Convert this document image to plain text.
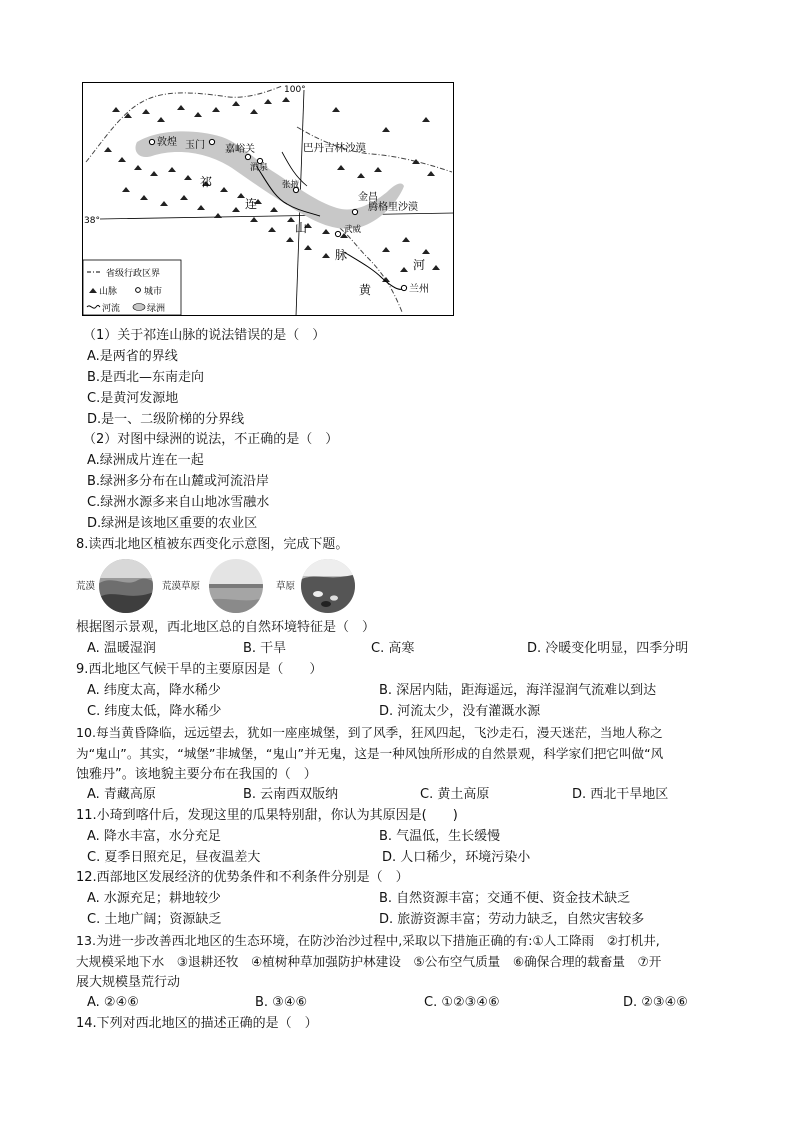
100°
38°
敦煌 玉门 嘉峪关
酒泉
巴丹吉林沙漠
张掖
金昌
腾格里沙漠
武威
兰州
祁
连
山
脉
黄
河
省级行政区界
山脉	城市
河流	绿洲
（1）关于祁连山脉的说法错误的是（　）
A.是两省的界线
B.是西北—东南走向
C.是黄河发源地
D.是一、二级阶梯的分界线
（2）对图中绿洲的说法，不正确的是（　）
A.绿洲成片连在一起
B.绿洲多分布在山麓或河流沿岸
C.绿洲水源多来自山地冰雪融水
D.绿洲是该地区重要的农业区
8.读西北地区植被东西变化示意图，完成下题。
荒漠	荒漠草原	草原
根据图示景观，西北地区总的自然环境特征是（　）
A. 温暖湿润	B. 干旱	C. 高寒	D. 冷暖变化明显，四季分明
9.西北地区气候干旱的主要原因是（　　）
A. 纬度太高，降水稀少	B. 深居内陆，距海遥远，海洋湿润气流难以到达
C. 纬度太低，降水稀少	D. 河流太少，没有灌溉水源
10.每当黄昏降临，远远望去，犹如一座座城堡，到了风季，狂风四起，飞沙走石，漫天迷茫，当地人称之
为“鬼山”。其实，“城堡”非城堡，“鬼山”并无鬼，这是一种风蚀所形成的自然景观，科学家们把它叫做“风
蚀雅丹”。该地貌主要分布在我国的（　）
A. 青藏高原	B. 云南西双版纳	C. 黄土高原	D. 西北干旱地区
11.小琦到喀什后，发现这里的瓜果特别甜，你认为其原因是(　　)
A. 降水丰富，水分充足	B. 气温低，生长缓慢
C. 夏季日照充足，昼夜温差大	D. 人口稀少，环境污染小
12.西部地区发展经济的优势条件和不利条件分别是（　）
A. 水源充足；耕地较少	B. 自然资源丰富；交通不便、资金技术缺乏
C. 土地广阔；资源缺乏	D. 旅游资源丰富；劳动力缺乏，自然灾害较多
13.为进一步改善西北地区的生态环境，在防沙治沙过程中,采取以下措施正确的有:①人工降雨　②打机井,
大规模采地下水　③退耕还牧　④植树种草加强防护林建设　⑤公布空气质量　⑥确保合理的载畜量　⑦开
展大规模垦荒行动
A. ②④⑥	B. ③④⑥	C. ①②③④⑥	D. ②③④⑥
14.下列对西北地区的描述正确的是（　）
